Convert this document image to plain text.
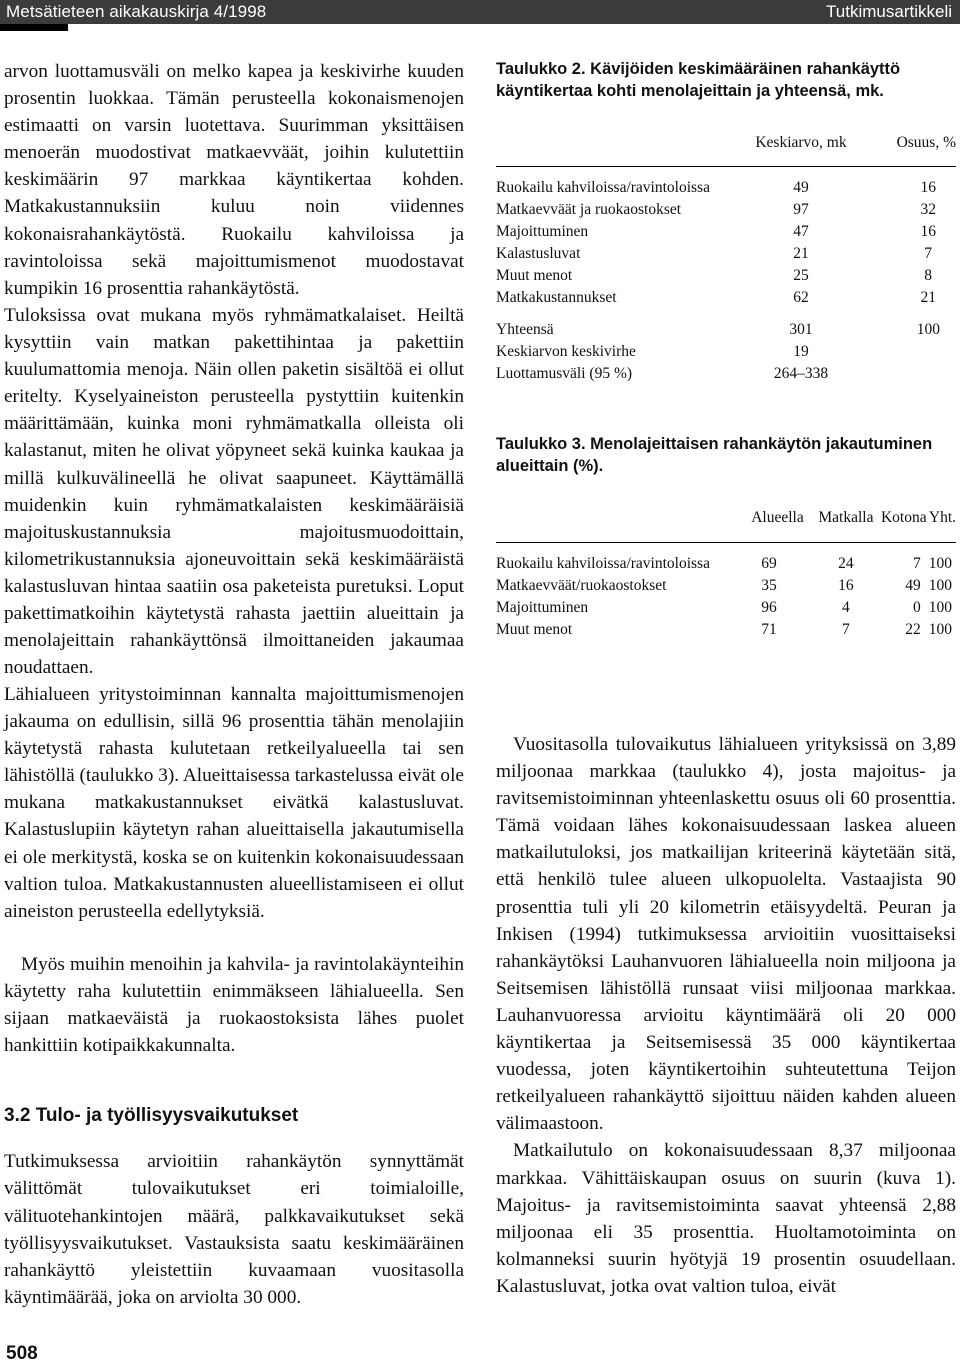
Metsätieteen aikakauskirja 4/1998	Tutkimusartikkeli

arvon luottamusväli on melko kapea ja keskivirhe kuuden prosentin luokkaa. Tämän perusteella kokonaismenojen estimaatti on varsin luotettava. Suurimman yksittäisen menoerän muodostivat matkaevväät, joihin kulutettiin keskimäärin 97 markkaa käyntikertaa kohden. Matkakustannuksiin kuluu noin viidennes kokonaisrahankäytöstä. Ruokailu kahviloissa ja ravintoloissa sekä majoittumismenot muodostavat kumpikin 16 prosenttia rahankäytöstä.

Tuloksissa ovat mukana myös ryhmämatkalaiset. Heiltä kysyttiin vain matkan pakettihintaa ja pakettiin kuulumattomia menoja. Näin ollen paketin sisältöä ei ollut eritelty. Kyselyaineiston perusteella pystyttiin kuitenkin määrittämään, kuinka moni ryhmämatkalla olleista oli kalastanut, miten he olivat yöpyneet sekä kuinka kaukaa ja millä kulkuvälineellä he olivat saapuneet. Käyttämällä muidenkin kuin ryhmämatkalaisten keskimääräisiä majoituskustannuksia majoitusmuodoittain, kilometrikustannuksia ajoneuvoittain sekä keskimääräistä kalastusluvan hintaa saatiin osa paketeista puretuksi. Loput pakettimatkoihin käytetystä rahasta jaettiin alueittain ja menolajeittain rahankäyttönsä ilmoittaneiden jakaumaa noudattaen.

Lähialueen yritystoiminnan kannalta majoittumismenojen jakauma on edullisin, sillä 96 prosenttia tähän menolajiin käytetystä rahasta kulutetaan retkeilyalueella tai sen lähistöllä (taulukko 3). Alueittaisessa tarkastelussa eivät ole mukana matkakustannukset eivätkä kalastusluvat. Kalastuslupiin käytetyn rahan alueittaisella jakautumisella ei ole merkitystä, koska se on kuitenkin kokonaisuudessaan valtion tuloa. Matkakustannusten alueellistamiseen ei ollut aineiston perusteella edellytyksiä.

Myös muihin menoihin ja kahvila- ja ravintolakäynteihin käytetty raha kulutettiin enimmäkseen lähialueella. Sen sijaan matkaeväistä ja ruokaostoksista lähes puolet hankittiin kotipaikkakunnalta.

3.2 Tulo- ja työllisyysvaikutukset

Tutkimuksessa arvioitiin rahankäytön synnyttämät välittömät tulovaikutukset eri toimialoille, välituotehankintojen määrä, palkkavaikutukset sekä työllisyysvaikutukset. Vastauksista saatu keskimääräinen rahankäyttö yleistettiin kuvaamaan vuositasolla käyntimäärää, joka on arviolta 30 000.

Taulukko 2. Kävijöiden keskimääräinen rahankäyttö käyntikertaa kohti menolajeittain ja yhteensä, mk.

	Keskiarvo, mk	Osuus, %

Ruokailu kahviloissa/ravintoloissa	49	16
Matkaevväät ja ruokaostokset	97	32
Majoittuminen	47	16
Kalastusluvat	21	7
Muut menot	25	8
Matkakustannukset	62	21

Yhteensä	301	100
Keskiarvon keskivirhe	19	
Luottamusväli (95 %)	264–338	

Taulukko 3. Menolajeittaisen rahankäytön jakautuminen alueittain (%).

	Alueella	Matkalla	Kotona	Yht.

Ruokailu kahviloissa/ravintoloissa	69	24	7	100
Matkaevväät/ruokaostokset	35	16	49	100
Majoittuminen	96	4	0	100
Muut menot	71	7	22	100

Vuositasolla tulovaikutus lähialueen yrityksissä on 3,89 miljoonaa markkaa (taulukko 4), josta majoitus- ja ravitsemistoiminnan yhteenlaskettu osuus oli 60 prosenttia. Tämä voidaan lähes kokonaisuudessaan laskea alueen matkailutuloksi, jos matkailijan kriteerinä käytetään sitä, että henkilö tulee alueen ulkopuolelta. Vastaajista 90 prosenttia tuli yli 20 kilometrin etäisyydeltä. Peuran ja Inkisen (1994) tutkimuksessa arvioitiin vuosittaiseksi rahankäytöksi Lauhanvuoren lähialueella noin miljoona ja Seitsemisen lähistöllä runsaat viisi miljoonaa markkaa. Lauhanvuoressa arvioitu käyntimäärä oli 20 000 käyntikertaa ja Seitsemisessä 35 000 käyntikertaa vuodessa, joten käyntikertoihin suhteutettuna Teijon retkeilyalueen rahankäyttö sijoittuu näiden kahden alueen välimaastoon.

Matkailutulo on kokonaisuudessaan 8,37 miljoonaa markkaa. Vähittäiskaupan osuus on suurin (kuva 1). Majoitus- ja ravitsemistoiminta saavat yhteensä 2,88 miljoonaa eli 35 prosenttia. Huoltamotoiminta on kolmanneksi suurin hyötyjä 19 prosentin osuudellaan. Kalastusluvat, jotka ovat valtion tuloa, eivät

508
